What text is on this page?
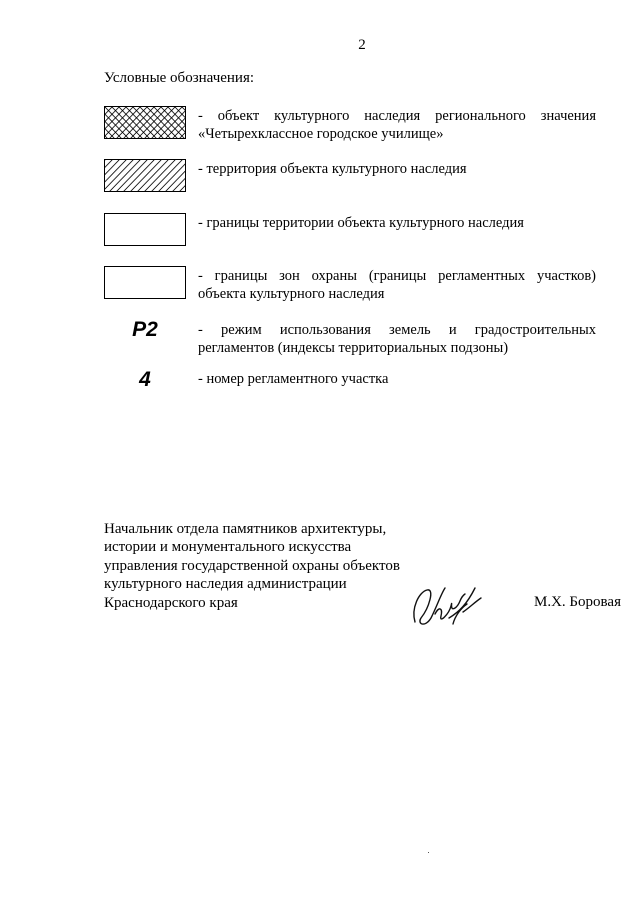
2
Условные обозначения:
- объект культурного наследия регионального значения
«Четырехклассное городское училище»
- территория объекта культурного наследия
- границы территории объекта культурного наследия
- границы зон охраны (границы регламентных участков)
объекта культурного наследия
Р2	- режим использования земель и градостроительных
регламентов (индексы территориальных подзоны)
4	- номер регламентного участка
Начальник отдела памятников архитектуры,
истории и монументального искусства
управления государственной охраны объектов
культурного наследия администрации
Краснодарского края	М.Х. Боровая
